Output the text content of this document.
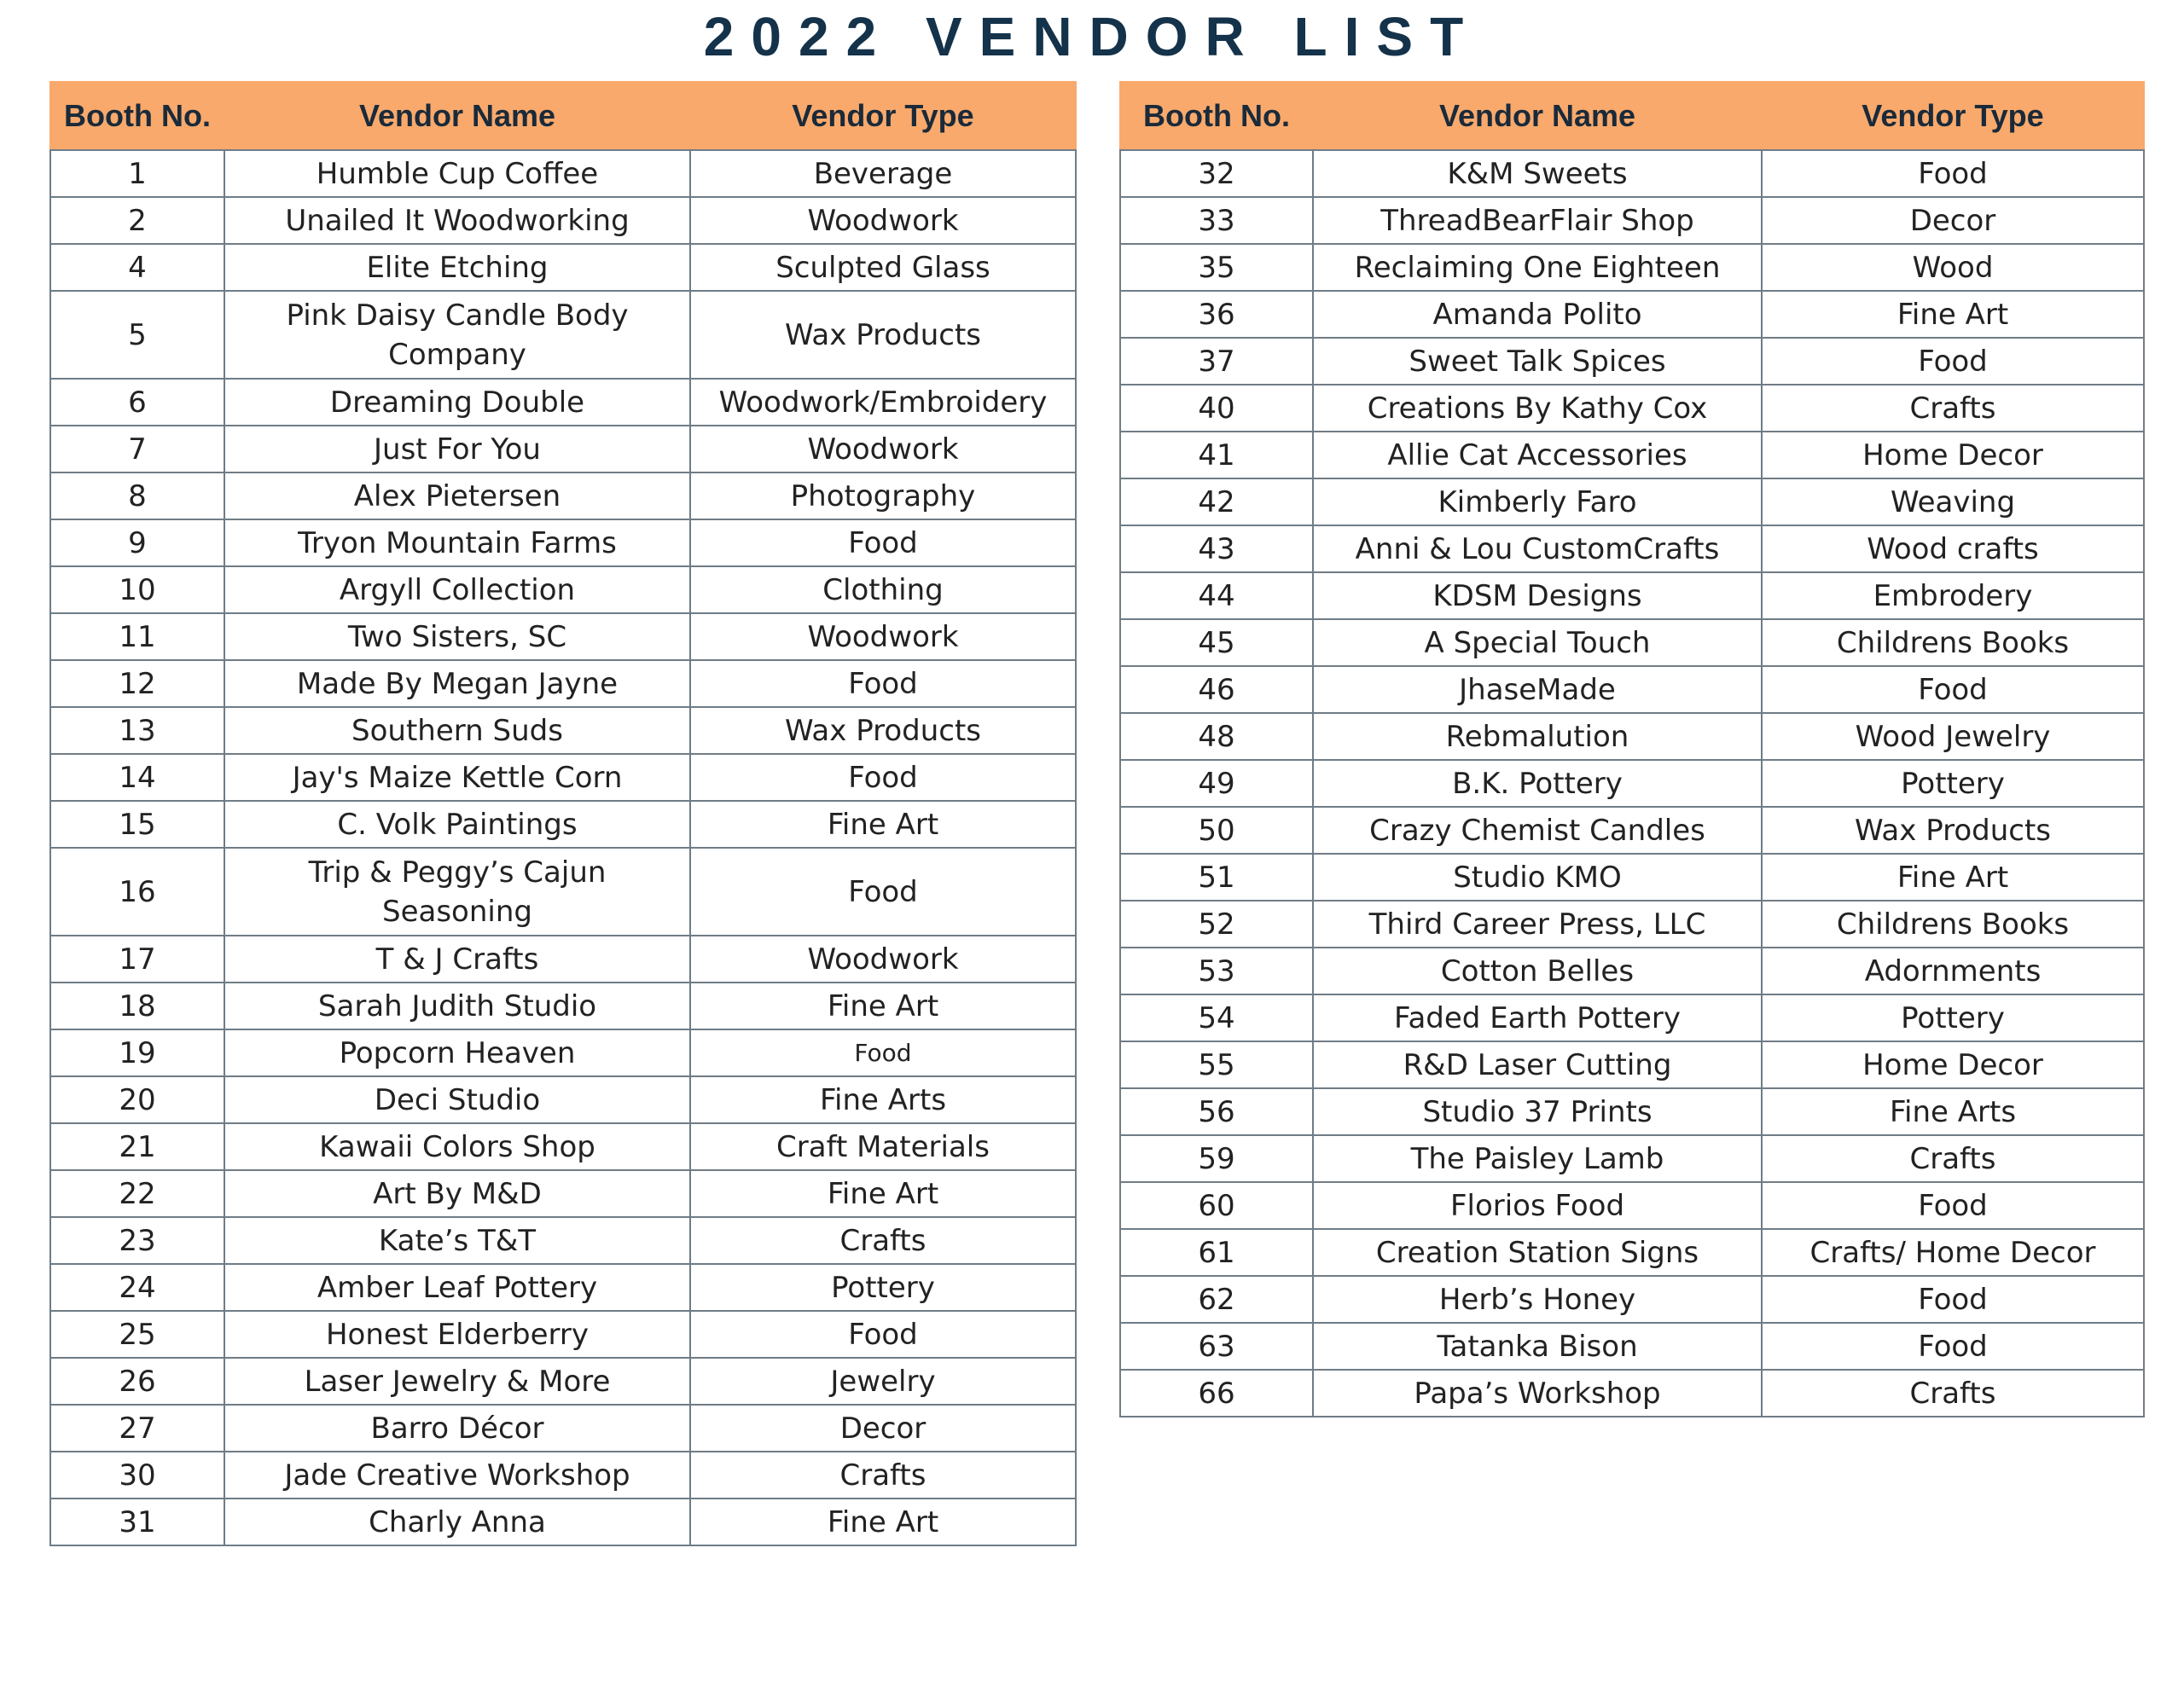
2022 VENDOR LIST
Booth No.	Vendor Name	Vendor Type
1	Humble Cup Coffee	Beverage
2	Unailed It Woodworking	Woodwork
4	Elite Etching	Sculpted Glass
5	Pink Daisy Candle Body Company	Wax Products
6	Dreaming Double	Woodwork/Embroidery
7	Just For You	Woodwork
8	Alex Pietersen	Photography
9	Tryon Mountain Farms	Food
10	Argyll Collection	Clothing
11	Two Sisters, SC	Woodwork
12	Made By Megan Jayne	Food
13	Southern Suds	Wax Products
14	Jay's Maize Kettle Corn	Food
15	C. Volk Paintings	Fine Art
16	Trip & Peggy’s Cajun Seasoning	Food
17	T & J Crafts	Woodwork
18	Sarah Judith Studio	Fine Art
19	Popcorn Heaven	Food
20	Deci Studio	Fine Arts
21	Kawaii Colors Shop	Craft Materials
22	Art By M&D	Fine Art
23	Kate’s T&T	Crafts
24	Amber Leaf Pottery	Pottery
25	Honest Elderberry	Food
26	Laser Jewelry & More	Jewelry
27	Barro Décor	Decor
30	Jade Creative Workshop	Crafts
31	Charly Anna	Fine Art
Booth No.	Vendor Name	Vendor Type
32	K&M Sweets	Food
33	ThreadBearFlair Shop	Decor
35	Reclaiming One Eighteen	Wood
36	Amanda Polito	Fine Art
37	Sweet Talk Spices	Food
40	Creations By Kathy Cox	Crafts
41	Allie Cat Accessories	Home Decor
42	Kimberly Faro	Weaving
43	Anni & Lou CustomCrafts	Wood crafts
44	KDSM Designs	Embrodery
45	A Special Touch	Childrens Books
46	JhaseMade	Food
48	Rebmalution	Wood Jewelry
49	B.K. Pottery	Pottery
50	Crazy Chemist Candles	Wax Products
51	Studio KMO	Fine Art
52	Third Career Press, LLC	Childrens Books
53	Cotton Belles	Adornments
54	Faded Earth Pottery	Pottery
55	R&D Laser Cutting	Home Decor
56	Studio 37 Prints	Fine Arts
59	The Paisley Lamb	Crafts
60	Florios Food	Food
61	Creation Station Signs	Crafts/ Home Decor
62	Herb’s Honey	Food
63	Tatanka Bison	Food
66	Papa’s Workshop	Crafts
